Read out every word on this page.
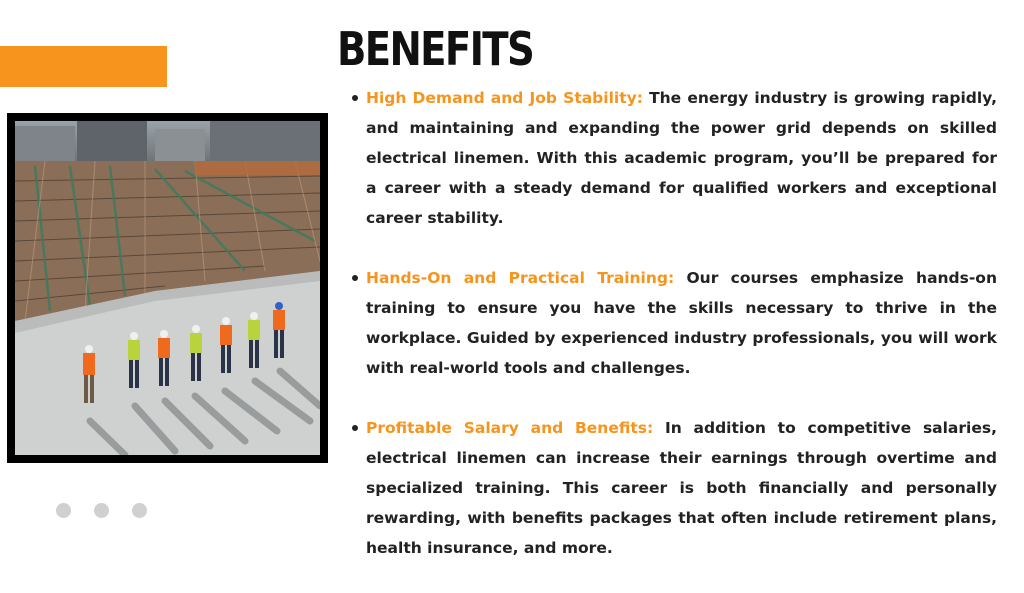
BENEFITS
High Demand and Job Stability: The energy industry is growing rapidly, and maintaining and expanding the power grid depends on skilled electrical linemen. With this academic program, you’ll be prepared for a career with a steady demand for qualified workers and exceptional career stability.
Hands-On and Practical Training: Our courses emphasize hands-on training to ensure you have the skills necessary to thrive in the workplace. Guided by experienced industry professionals, you will work with real-world tools and challenges.
Profitable Salary and Benefits: In addition to competitive salaries, electrical linemen can increase their earnings through overtime and specialized training. This career is both financially and personally rewarding, with benefits packages that often include retirement plans, health insurance, and more.
